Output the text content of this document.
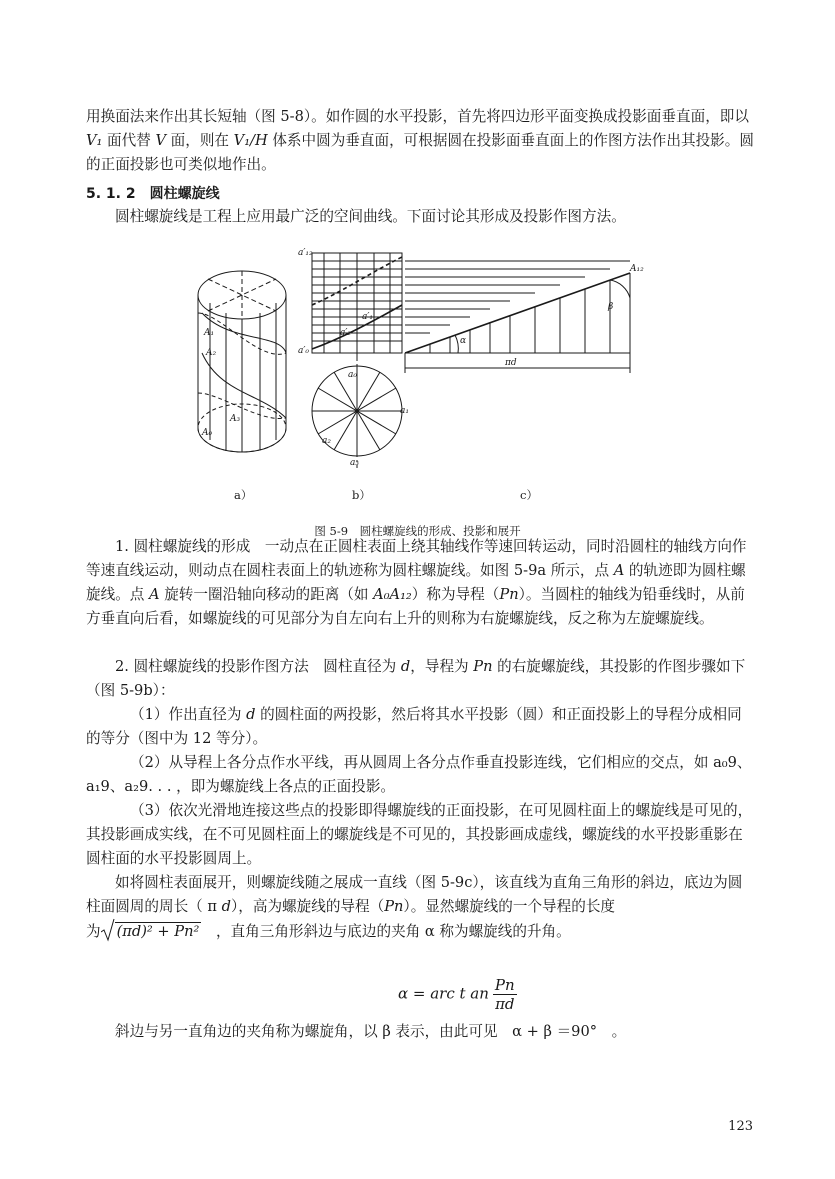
用换面法来作出其长短轴（图 5-8）。如作圆的水平投影，首先将四边形平面变换成投影面垂直面，即以 V₁ 面代替 V 面，则在 V₁/H 体系中圆为垂直面，可根据圆在投影面垂直面上的作图方法作出其投影。圆的正面投影也可类似地作出。

5. 1. 2　圆柱螺旋线

圆柱螺旋线是工程上应用最广泛的空间曲线。下面讨论其形成及投影作图方法。

A₁
A₂
A₀
A₃
a′₁₂
a′₀
a′₁
a′₂
A₁₂
α
β
πd
a₀
a₁
a₂
a₃
a）	b）	c）

图 5-9　圆柱螺旋线的形成、投影和展开

1. 圆柱螺旋线的形成　一动点在正圆柱表面上绕其轴线作等速回转运动，同时沿圆柱的轴线方向作等速直线运动，则动点在圆柱表面上的轨迹称为圆柱螺旋线。如图 5-9a 所示，点 A 的轨迹即为圆柱螺旋线。点 A 旋转一圈沿轴向移动的距离（如 A₀A₁₂）称为导程（Pn）。当圆柱的轴线为铅垂线时，从前方垂直向后看，如螺旋线的可见部分为自左向右上升的则称为右旋螺旋线，反之称为左旋螺旋线。

2. 圆柱螺旋线的投影作图方法　圆柱直径为 d，导程为 Pn 的右旋螺旋线，其投影的作图步骤如下（图 5-9b）：

（1）作出直径为 d 的圆柱面的两投影，然后将其水平投影（圆）和正面投影上的导程分成相同的等分（图中为 12 等分）。

（2）从导程上各分点作水平线，再从圆周上各分点作垂直投影连线，它们相应的交点，如 a₀9、a₁9、a₂9. . . ，即为螺旋线上各点的正面投影。

（3）依次光滑地连接这些点的投影即得螺旋线的正面投影，在可见圆柱面上的螺旋线是可见的，其投影画成实线，在不可见圆柱面上的螺旋线是不可见的，其投影画成虚线，螺旋线的水平投影重影在圆柱面的水平投影圆周上。

如将圆柱表面展开，则螺旋线随之展成一直线（图 5-9c），该直线为直角三角形的斜边，底边为圆柱面圆周的周长（ π d），高为螺旋线的导程（Pn）。显然螺旋线的一个导程的长度

为 (πd)² + Pn²　，直角三角形斜边与底边的夹角 α 称为螺旋线的升角。

α = arc t an $\frac{Pn}{\pi d}$

斜边与另一直角边的夹角称为螺旋角，以 β 表示，由此可见　α + β ＝90°　。

123
